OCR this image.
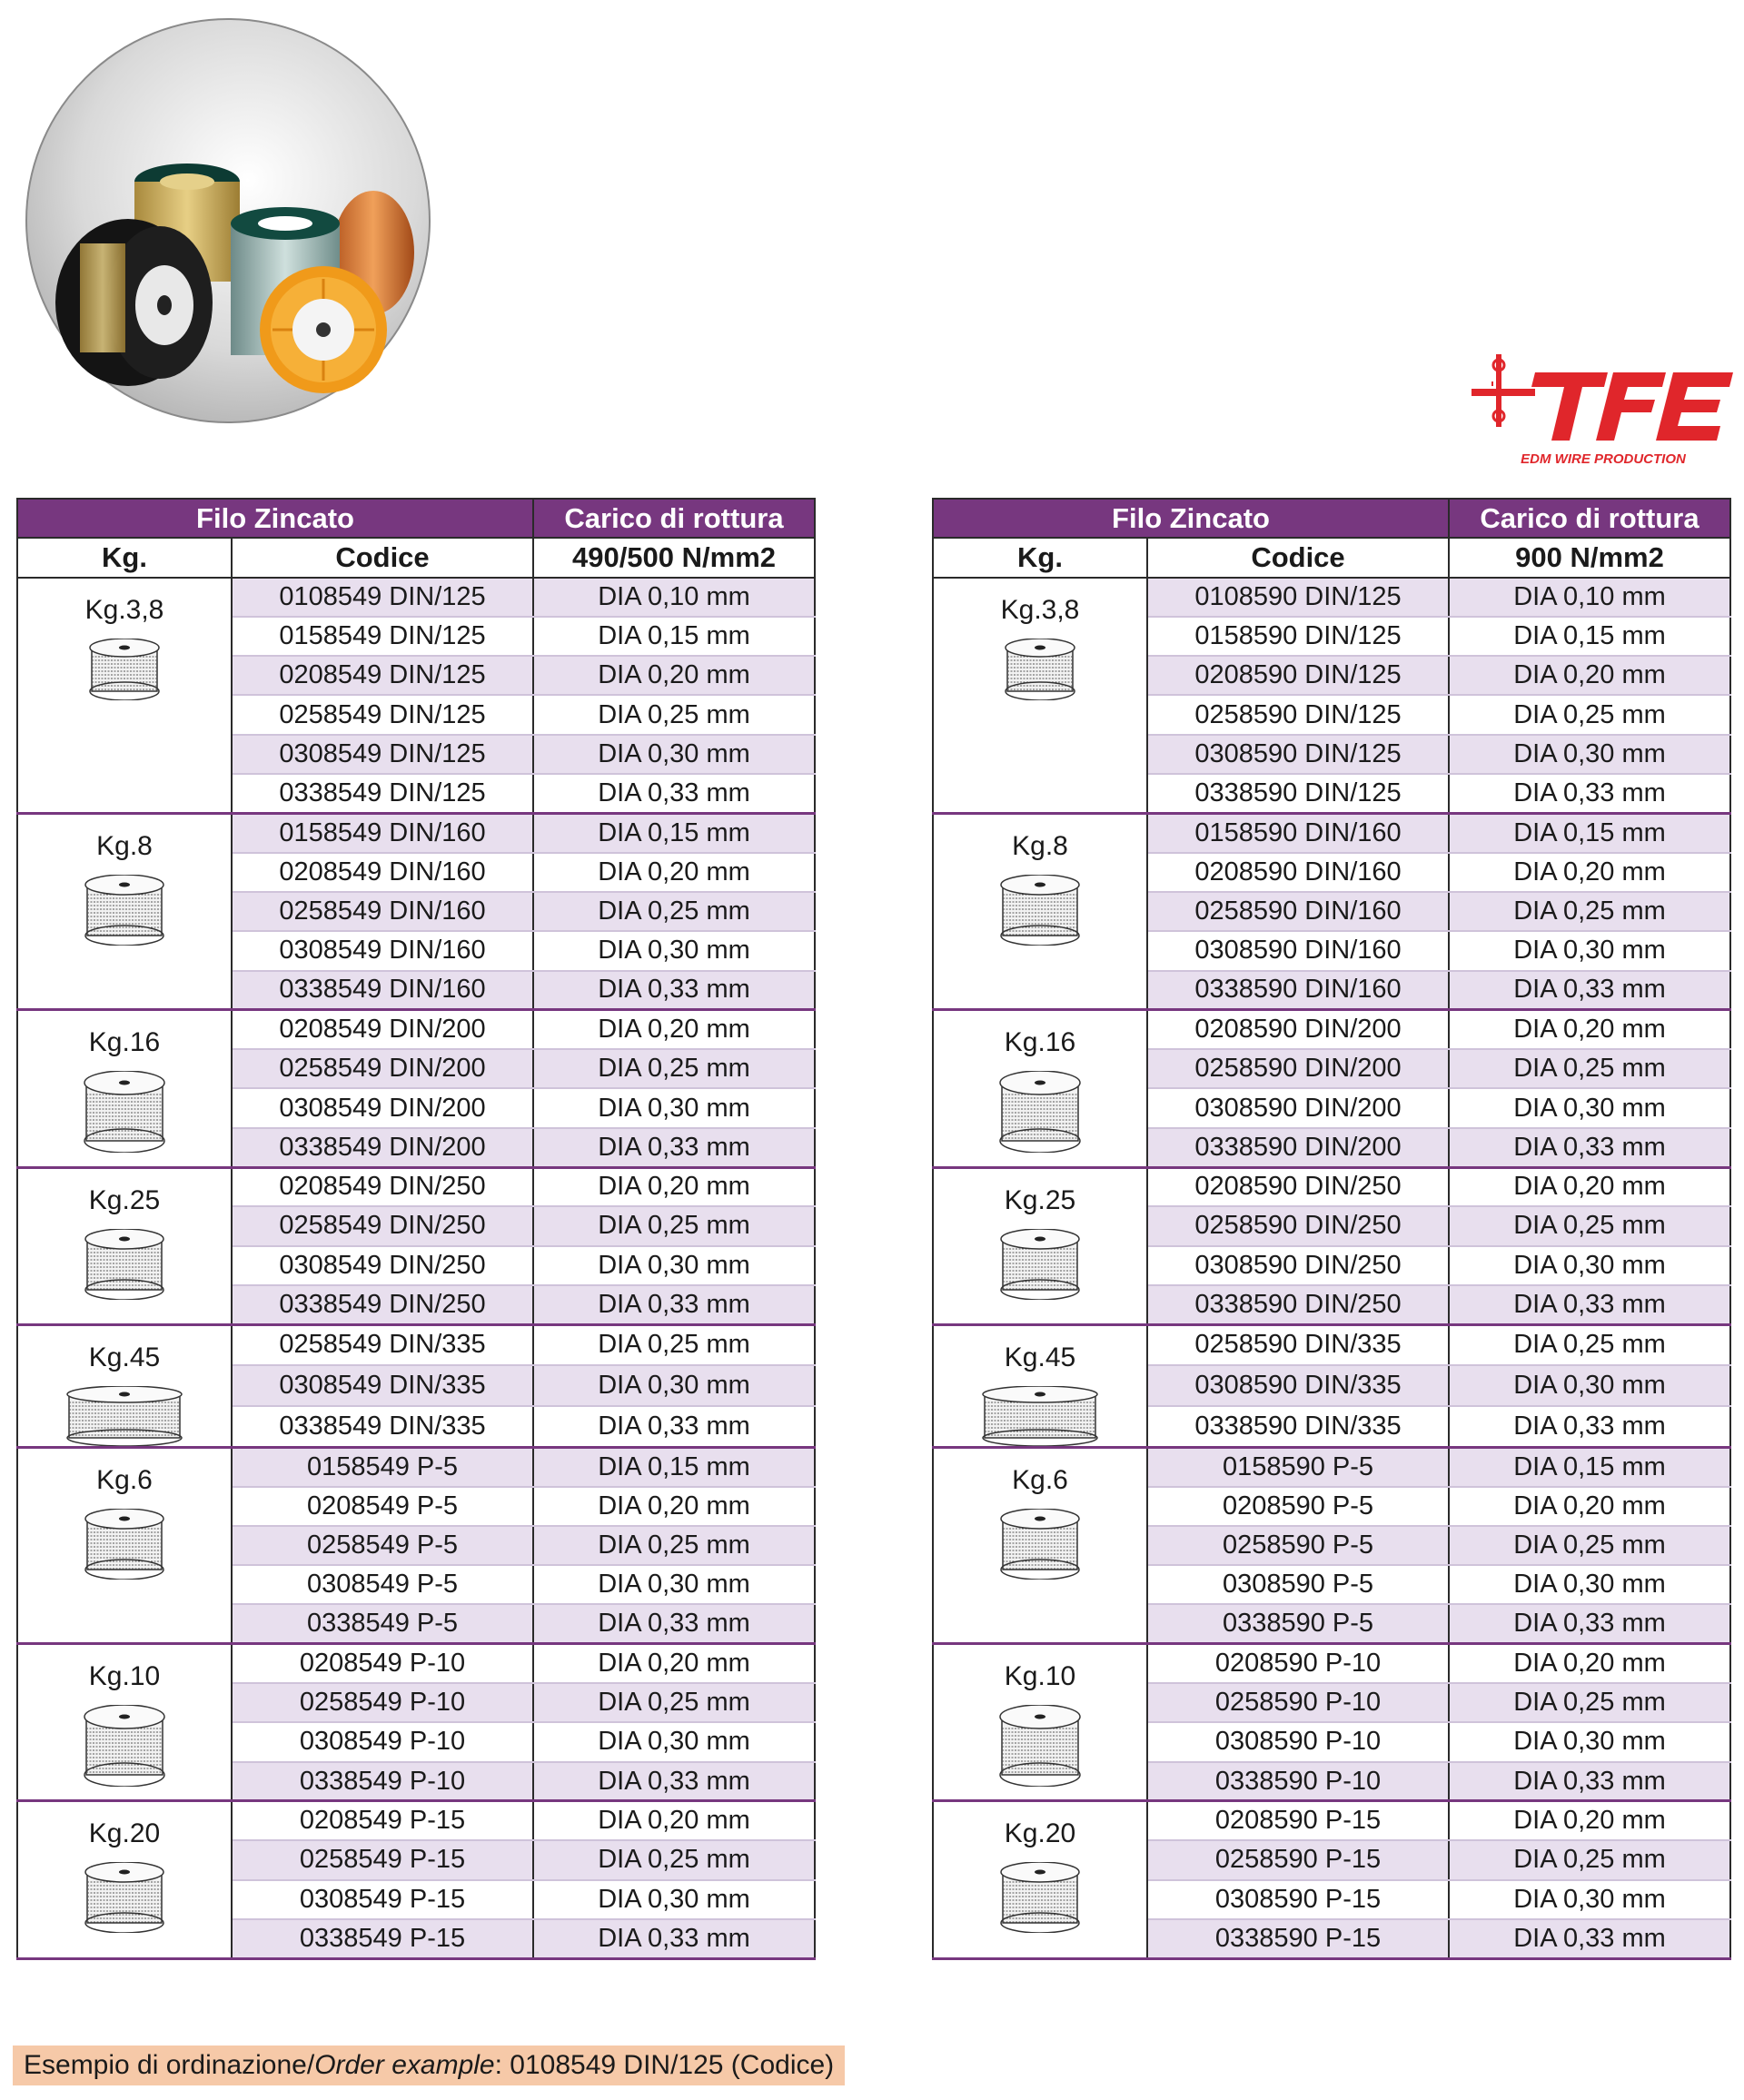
EDM WIRE PRODUCTION
Filo Zincato		Carico di rottura
Kg.	Codice	490/500 N/mm2

Kg.3,8	0108549 DIN/125	DIA 0,10 mm
	0158549 DIN/125	DIA 0,15 mm
	0208549 DIN/125	DIA 0,20 mm
	0258549 DIN/125	DIA 0,25 mm
	0308549 DIN/125	DIA 0,30 mm
	0338549 DIN/125	DIA 0,33 mm

Kg.8	0158549 DIN/160	DIA 0,15 mm
	0208549 DIN/160	DIA 0,20 mm
	0258549 DIN/160	DIA 0,25 mm
	0308549 DIN/160	DIA 0,30 mm
	0338549 DIN/160	DIA 0,33 mm

Kg.16	0208549 DIN/200	DIA 0,20 mm
	0258549 DIN/200	DIA 0,25 mm
	0308549 DIN/200	DIA 0,30 mm
	0338549 DIN/200	DIA 0,33 mm

Kg.25	0208549 DIN/250	DIA 0,20 mm
	0258549 DIN/250	DIA 0,25 mm
	0308549 DIN/250	DIA 0,30 mm
	0338549 DIN/250	DIA 0,33 mm

Kg.45	0258549 DIN/335	DIA 0,25 mm
	0308549 DIN/335	DIA 0,30 mm
	0338549 DIN/335	DIA 0,33 mm

Kg.6	0158549 P-5	DIA 0,15 mm
	0208549 P-5	DIA 0,20 mm
	0258549 P-5	DIA 0,25 mm
	0308549 P-5	DIA 0,30 mm
	0338549 P-5	DIA 0,33 mm

Kg.10	0208549 P-10	DIA 0,20 mm
	0258549 P-10	DIA 0,25 mm
	0308549 P-10	DIA 0,30 mm
	0338549 P-10	DIA 0,33 mm

Kg.20	0208549 P-15	DIA 0,20 mm
	0258549 P-15	DIA 0,25 mm
	0308549 P-15	DIA 0,30 mm
	0338549 P-15	DIA 0,33 mm
Filo Zincato		Carico di rottura
Kg.	Codice	900 N/mm2

Kg.3,8	0108590 DIN/125	DIA 0,10 mm
	0158590 DIN/125	DIA 0,15 mm
	0208590 DIN/125	DIA 0,20 mm
	0258590 DIN/125	DIA 0,25 mm
	0308590 DIN/125	DIA 0,30 mm
	0338590 DIN/125	DIA 0,33 mm

Kg.8	0158590 DIN/160	DIA 0,15 mm
	0208590 DIN/160	DIA 0,20 mm
	0258590 DIN/160	DIA 0,25 mm
	0308590 DIN/160	DIA 0,30 mm
	0338590 DIN/160	DIA 0,33 mm

Kg.16	0208590 DIN/200	DIA 0,20 mm
	0258590 DIN/200	DIA 0,25 mm
	0308590 DIN/200	DIA 0,30 mm
	0338590 DIN/200	DIA 0,33 mm

Kg.25	0208590 DIN/250	DIA 0,20 mm
	0258590 DIN/250	DIA 0,25 mm
	0308590 DIN/250	DIA 0,30 mm
	0338590 DIN/250	DIA 0,33 mm

Kg.45	0258590 DIN/335	DIA 0,25 mm
	0308590 DIN/335	DIA 0,30 mm
	0338590 DIN/335	DIA 0,33 mm

Kg.6	0158590 P-5	DIA 0,15 mm
	0208590 P-5	DIA 0,20 mm
	0258590 P-5	DIA 0,25 mm
	0308590 P-5	DIA 0,30 mm
	0338590 P-5	DIA 0,33 mm

Kg.10	0208590 P-10	DIA 0,20 mm
	0258590 P-10	DIA 0,25 mm
	0308590 P-10	DIA 0,30 mm
	0338590 P-10	DIA 0,33 mm

Kg.20	0208590 P-15	DIA 0,20 mm
	0258590 P-15	DIA 0,25 mm
	0308590 P-15	DIA 0,30 mm
	0338590 P-15	DIA 0,33 mm
Esempio di ordinazione/Order example: 0108549 DIN/125 (Codice)
